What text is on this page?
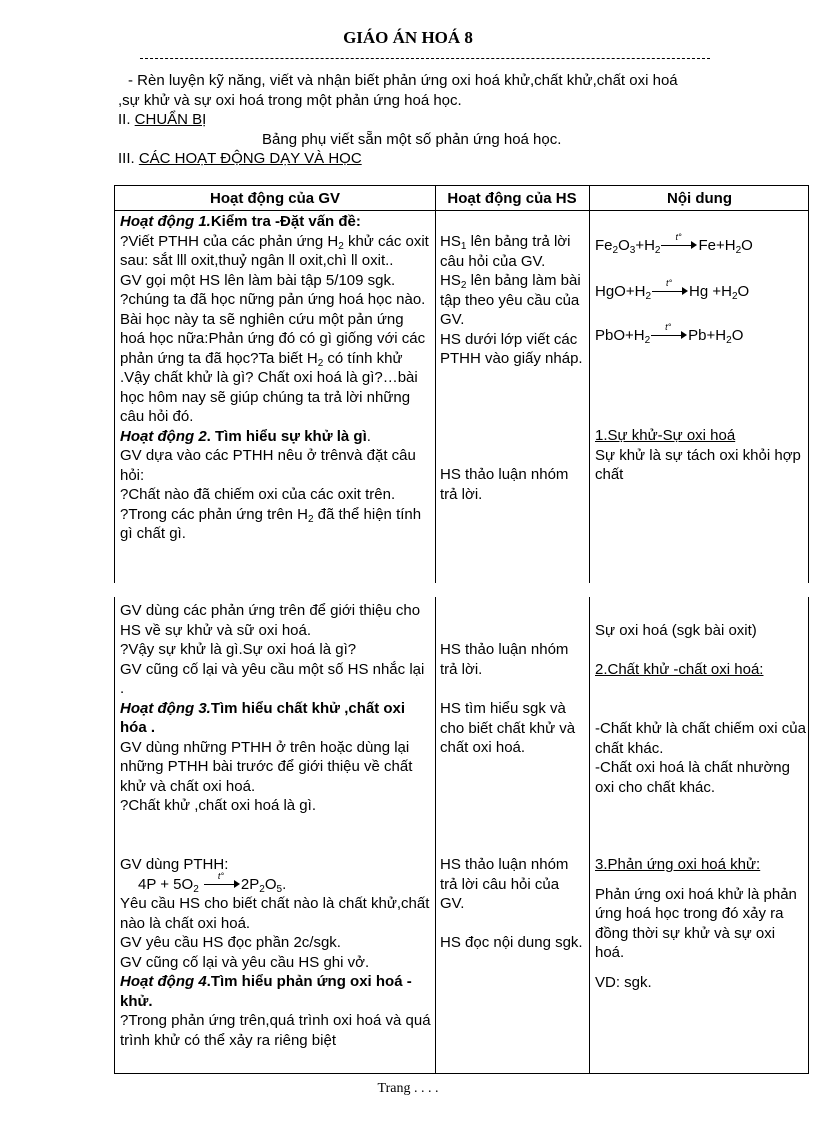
GIÁO ÁN HOÁ 8
- Rèn luyện kỹ năng, viết và nhận biết phản ứng oxi hoá khử,chất khử,chất oxi hoá
,sự khử và sự oxi hoá trong một phản ứng hoá học.
II. CHUẨN BỊ
Bảng phụ viết sẵn một số phản ứng hoá học.
III. CÁC HOẠT ĐỘNG DẠY VÀ HỌC
Hoạt động của GV	Hoạt động của HS	Nội dung
Hoạt động 1.Kiểm tra -Đặt vấn đề:
?Viết PTHH của các phản ứng $H_2$ khử các oxit sau: sắt lll oxit,thuỷ ngân ll oxit,chì ll oxit..
GV gọi một HS lên làm bài tập 5/109 sgk.
?chúng ta đã học nững pản ứng hoá học nào.
Bài học này ta sẽ nghiên cứu một pản ứng hoá học nữa:Phản ứng đó có gì giống với các phản ứng ta đã học?Ta biết $H_2$ có tính khử .Vậy chất khử là gì? Chất oxi hoá là gì?…bài học hôm nay sẽ giúp chúng ta trả lời những câu hỏi đó.
Hoạt động 2. Tìm hiểu sự khử là gì.
GV dựa vào các PTHH nêu ở trênvà đặt câu hỏi:
?Chất nào đã chiếm oxi của các oxit trên.
?Trong các phản ứng trên $H_2$ đã thể hiện tính gì chất gì.
$HS_1$ lên bảng trả lời câu hỏi của GV.
$HS_2$ lên bảng làm bài tập theo yêu cầu của GV.
HS dưới lớp viết các PTHH vào giấy nháp.
HS thảo luận nhóm trả lời.
$Fe_2O_3+H_2$
t° $Fe+H_2O$
$HgO+H_2$
t° $Hg +H_2O$
$PbO+H_2$
t° $Pb+H_2O$
1.Sự khử-Sự oxi hoá
Sự khử là sự tách oxi khỏi hợp chất
GV dùng các phản ứng trên để giới thiệu cho HS về sự khử và sữ oxi hoá.
?Vậy sự khử là gì.Sự oxi hoá là gì?
GV cũng cố lại và yêu cầu một số HS nhắc lại .
Hoạt động 3.Tìm hiểu chất khử ,chất oxi hóa .
GV dùng những PTHH ở trên hoặc dùng lại những PTHH bài trước để giới thiệu về chất khử và chất oxi hoá.
?Chất khử ,chất oxi hoá là gì.
GV dùng PTHH:
$4P + 5O_2$
t° $2P_2O_5$.
Yêu cầu HS cho biết chất nào là chất khử,chất nào là chất oxi hoá.
GV yêu cầu HS đọc phần 2c/sgk.
GV cũng cố lại và yêu cầu HS ghi vở.
Hoạt động 4.Tìm hiểu phản ứng oxi hoá - khử.
?Trong phản ứng trên,quá trình oxi hoá và quá trình khử có thể xảy ra riêng biệt
HS thảo luận nhóm trả lời.
HS tìm hiểu sgk và cho biết chất khử và chất oxi hoá.
HS thảo luận nhóm trả lời câu hỏi của GV.
HS đọc nội dung sgk.
Sự oxi hoá (sgk bài oxit)
2.Chất khử -chất oxi hoá:
-Chất khử là chất chiếm oxi của chất khác.
-Chất oxi hoá là chất nhường oxi cho chất khác.
3.Phản ứng oxi hoá khử:
Phản ứng oxi hoá khử là phản ứng hoá học trong đó xảy ra đồng thời sự khử và sự oxi hoá.
VD: sgk.
Trang . . . .
